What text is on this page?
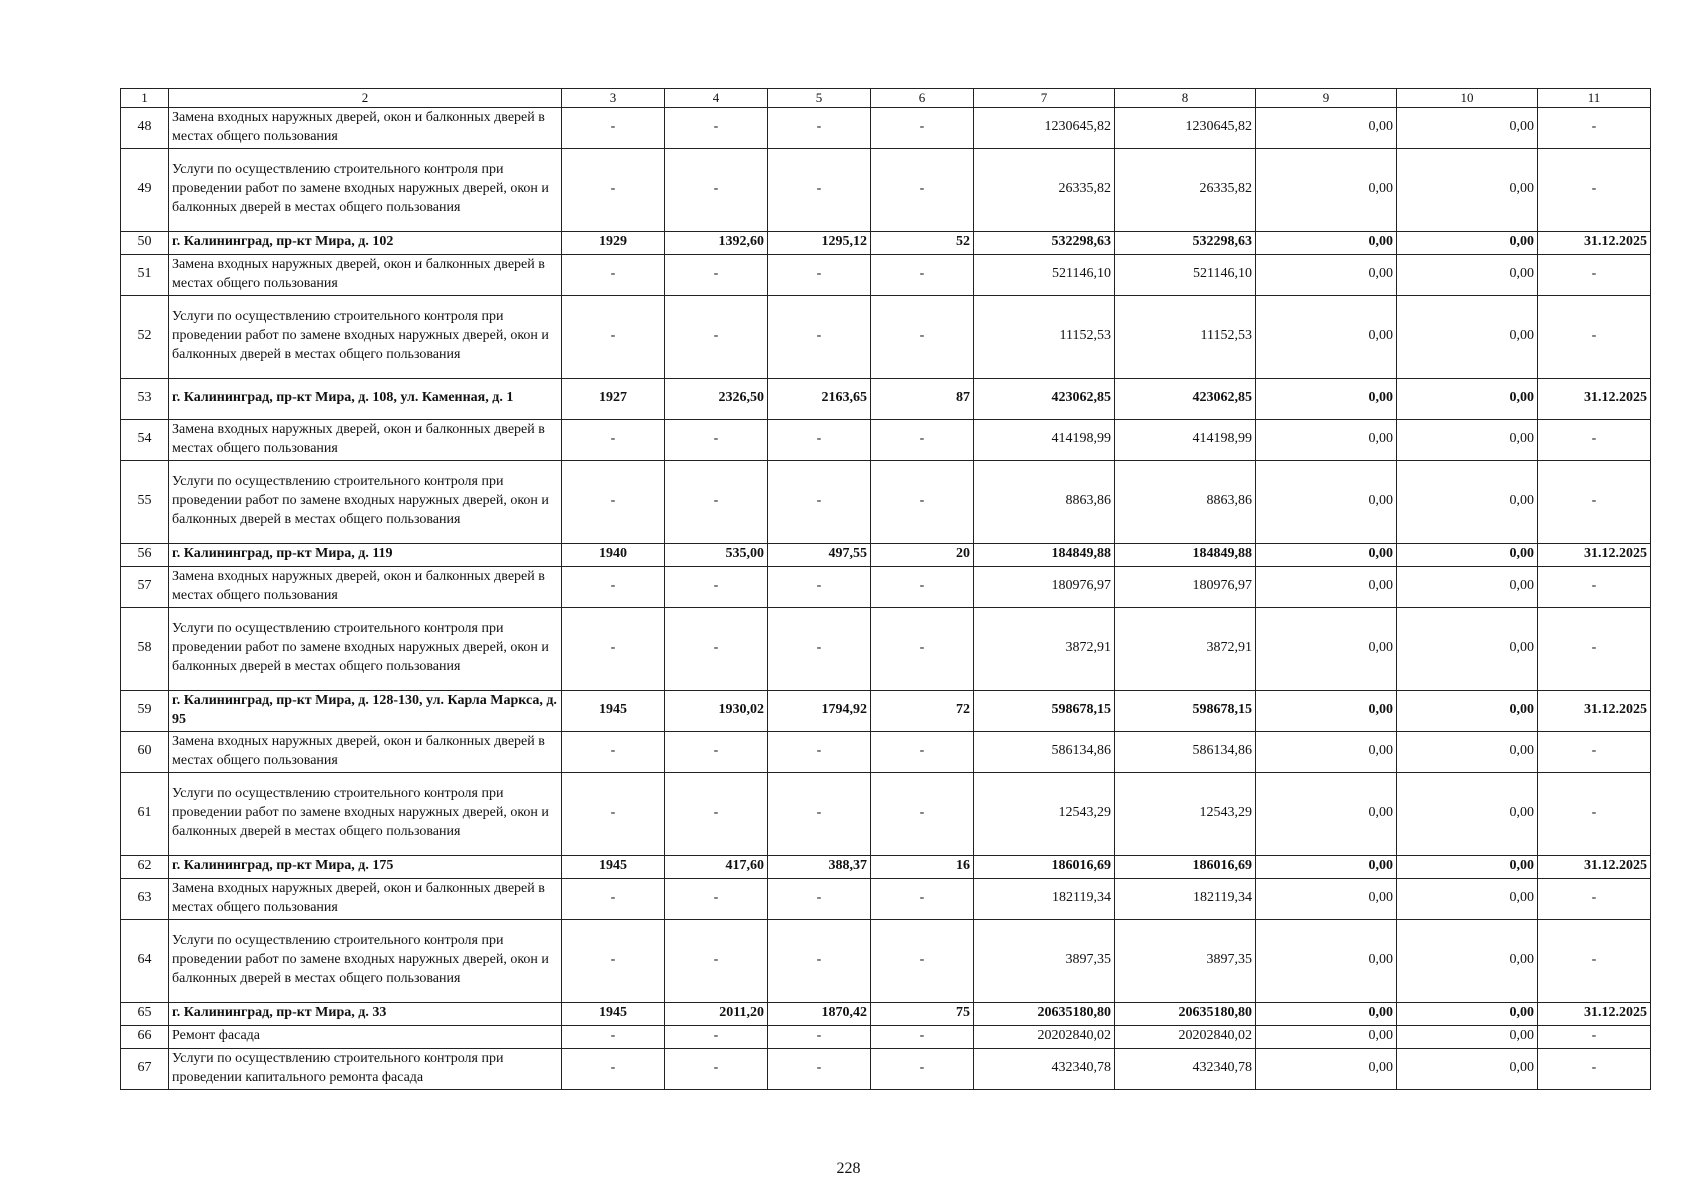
1	2	3	4	5	6	7	8	9	10	11
48	Замена входных наружных дверей, окон и балконных дверей в местах общего пользования	-	-	-	-	1230645,82	1230645,82	0,00	0,00	-
49	Услуги по осуществлению строительного контроля при проведении работ по замене входных наружных дверей, окон и балконных дверей в местах общего пользования	-	-	-	-	26335,82	26335,82	0,00	0,00	-
50	г. Калининград, пр-кт Мира, д. 102	1929	1392,60	1295,12	52	532298,63	532298,63	0,00	0,00	31.12.2025
51	Замена входных наружных дверей, окон и балконных дверей в местах общего пользования	-	-	-	-	521146,10	521146,10	0,00	0,00	-
52	Услуги по осуществлению строительного контроля при проведении работ по замене входных наружных дверей, окон и балконных дверей в местах общего пользования	-	-	-	-	11152,53	11152,53	0,00	0,00	-
53	г. Калининград, пр-кт Мира, д. 108, ул. Каменная, д. 1	1927	2326,50	2163,65	87	423062,85	423062,85	0,00	0,00	31.12.2025
54	Замена входных наружных дверей, окон и балконных дверей в местах общего пользования	-	-	-	-	414198,99	414198,99	0,00	0,00	-
55	Услуги по осуществлению строительного контроля при проведении работ по замене входных наружных дверей, окон и балконных дверей в местах общего пользования	-	-	-	-	8863,86	8863,86	0,00	0,00	-
56	г. Калининград, пр-кт Мира, д. 119	1940	535,00	497,55	20	184849,88	184849,88	0,00	0,00	31.12.2025
57	Замена входных наружных дверей, окон и балконных дверей в местах общего пользования	-	-	-	-	180976,97	180976,97	0,00	0,00	-
58	Услуги по осуществлению строительного контроля при проведении работ по замене входных наружных дверей, окон и балконных дверей в местах общего пользования	-	-	-	-	3872,91	3872,91	0,00	0,00	-
59	г. Калининград, пр-кт Мира, д. 128-130, ул. Карла Маркса, д. 95	1945	1930,02	1794,92	72	598678,15	598678,15	0,00	0,00	31.12.2025
60	Замена входных наружных дверей, окон и балконных дверей в местах общего пользования	-	-	-	-	586134,86	586134,86	0,00	0,00	-
61	Услуги по осуществлению строительного контроля при проведении работ по замене входных наружных дверей, окон и балконных дверей в местах общего пользования	-	-	-	-	12543,29	12543,29	0,00	0,00	-
62	г. Калининград, пр-кт Мира, д. 175	1945	417,60	388,37	16	186016,69	186016,69	0,00	0,00	31.12.2025
63	Замена входных наружных дверей, окон и балконных дверей в местах общего пользования	-	-	-	-	182119,34	182119,34	0,00	0,00	-
64	Услуги по осуществлению строительного контроля при проведении работ по замене входных наружных дверей, окон и балконных дверей в местах общего пользования	-	-	-	-	3897,35	3897,35	0,00	0,00	-
65	г. Калининград, пр-кт Мира, д. 33	1945	2011,20	1870,42	75	20635180,80	20635180,80	0,00	0,00	31.12.2025
66	Ремонт фасада	-	-	-	-	20202840,02	20202840,02	0,00	0,00	-
67	Услуги по осуществлению строительного контроля при проведении капитального ремонта фасада	-	-	-	-	432340,78	432340,78	0,00	0,00	-
228
